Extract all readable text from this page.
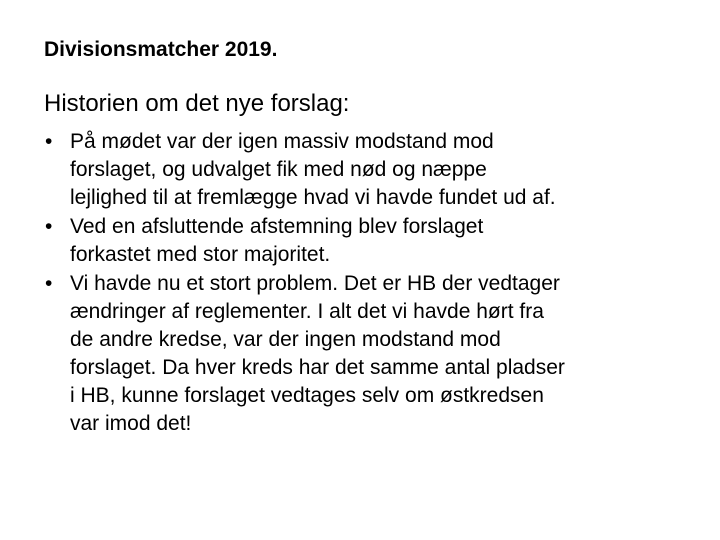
Divisionsmatcher 2019.
Historien om det nye forslag:
• På mødet var der igen massiv modstand mod
forslaget, og udvalget fik med nød og næppe
lejlighed til at fremlægge hvad vi havde fundet ud af.
• Ved en afsluttende afstemning blev forslaget
forkastet med stor majoritet.
• Vi havde nu et stort problem. Det er HB der vedtager
ændringer af reglementer. I alt det vi havde hørt fra
de andre kredse, var der ingen modstand mod
forslaget. Da hver kreds har det samme antal pladser
i HB, kunne forslaget vedtages selv om østkredsen
var imod det!
